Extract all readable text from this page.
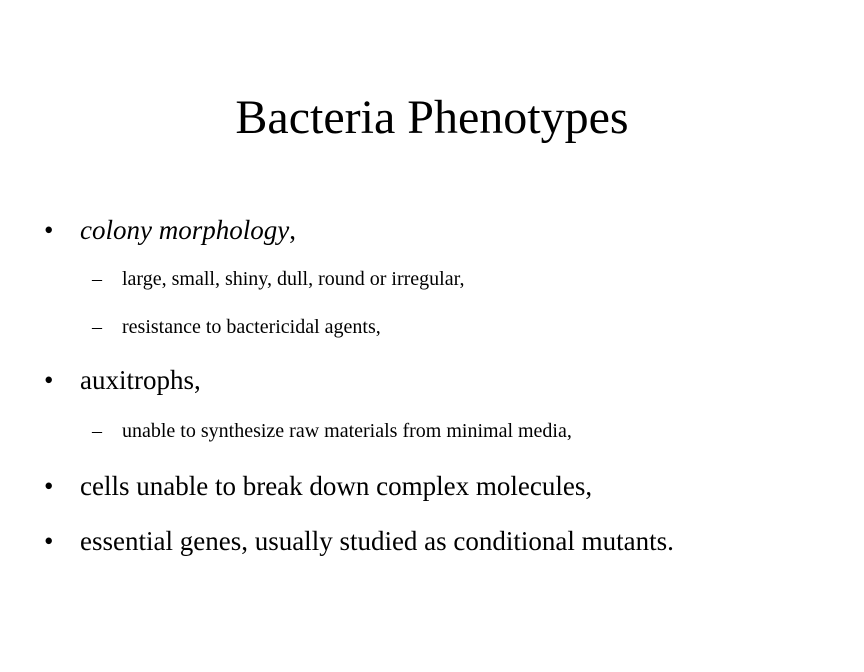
Bacteria Phenotypes
• colony morphology,
– large, small, shiny, dull, round or irregular,
– resistance to bactericidal agents,
• auxitrophs,
– unable to synthesize raw materials from minimal media,
• cells unable to break down complex molecules,
• essential genes, usually studied as conditional mutants.
